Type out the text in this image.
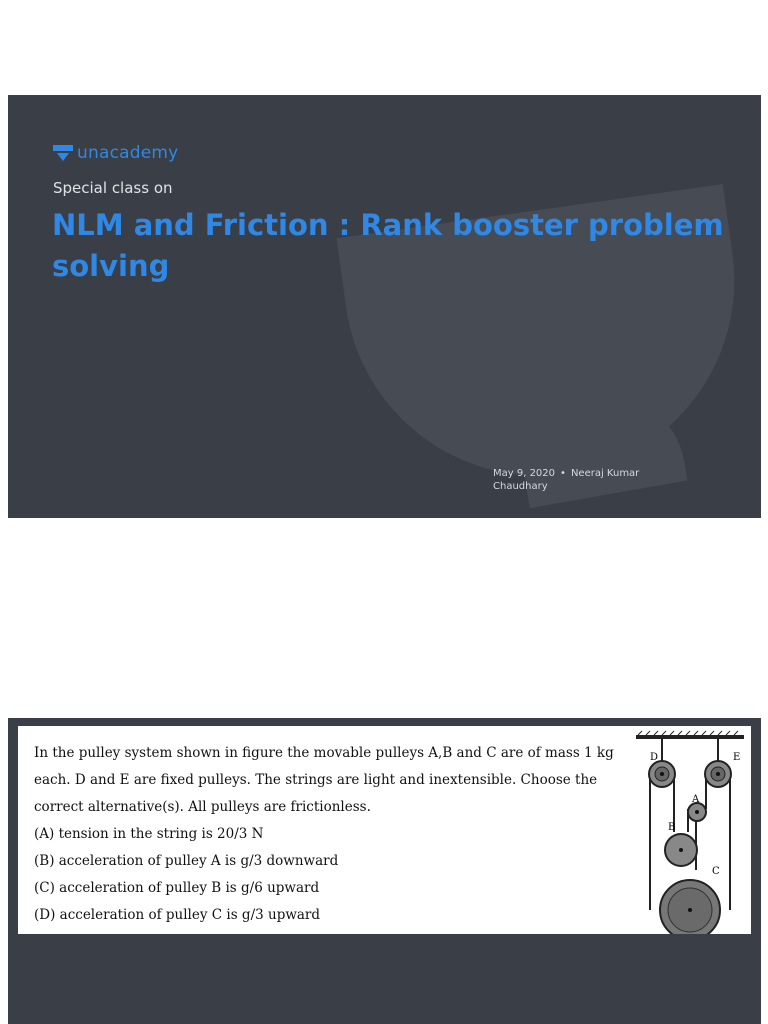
unacademy
Special class on
NLM and Friction : Rank booster problem solving
May 9, 2020 • Neeraj Kumar Chaudhary
In the pulley system shown in figure the movable pulleys A,B and C are of mass 1 kg each. D and E are fixed pulleys. The strings are light and inextensible. Choose the correct alternative(s). All pulleys are frictionless.
(A) tension in the string is 20/3 N
(B) acceleration of pulley A is g/3 downward
(C) acceleration of pulley B is g/6 upward
(D) acceleration of pulley C is g/3 upward
D	E
A
B
C
